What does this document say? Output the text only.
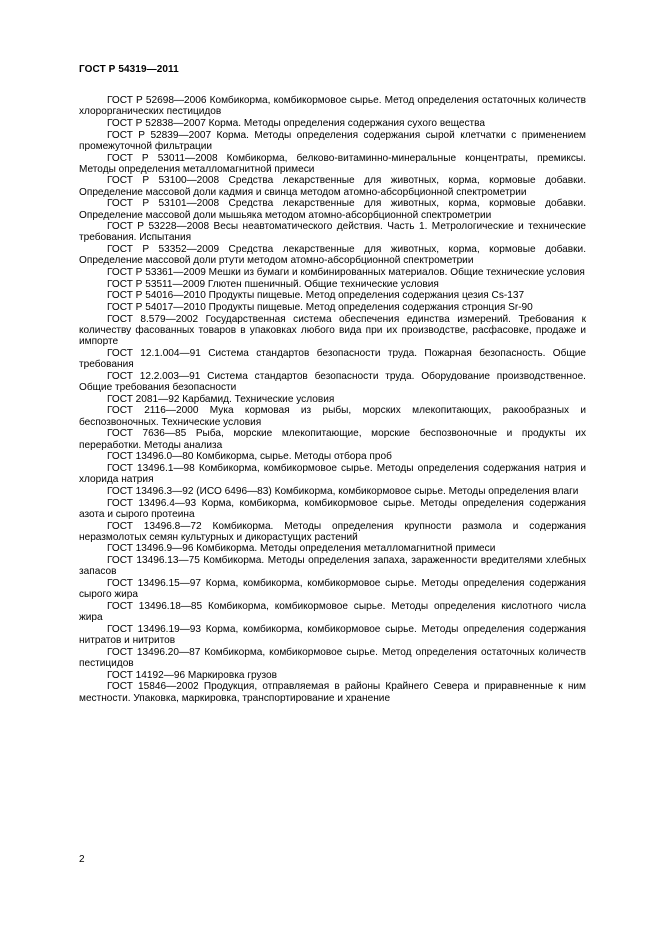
ГОСТ Р 54319—2011

ГОСТ Р 52698—2006 Комбикорма, комбикормовое сырье. Метод определения остаточных количеств хлорорганических пестицидов

ГОСТ Р 52838—2007 Корма. Методы определения содержания сухого вещества

ГОСТ Р 52839—2007 Корма. Методы определения содержания сырой клетчатки с применением промежуточной фильтрации

ГОСТ Р 53011—2008 Комбикорма, белково-витаминно-минеральные концентраты, премиксы. Методы определения металломагнитной примеси

ГОСТ Р 53100—2008 Средства лекарственные для животных, корма, кормовые добавки. Определение массовой доли кадмия и свинца методом атомно-абсорбционной спектрометрии

ГОСТ Р 53101—2008 Средства лекарственные для животных, корма, кормовые добавки. Определение массовой доли мышьяка методом атомно-абсорбционной спектрометрии

ГОСТ Р 53228—2008 Весы неавтоматического действия. Часть 1. Метрологические и технические требования. Испытания

ГОСТ Р 53352—2009 Средства лекарственные для животных, корма, кормовые добавки. Определение массовой доли ртути методом атомно-абсорбционной спектрометрии

ГОСТ Р 53361—2009 Мешки из бумаги и комбинированных материалов. Общие технические условия

ГОСТ Р 53511—2009 Глютен пшеничный. Общие технические условия

ГОСТ Р 54016—2010 Продукты пищевые. Метод определения содержания цезия Cs-137

ГОСТ Р 54017—2010 Продукты пищевые. Метод определения содержания стронция Sr-90

ГОСТ 8.579—2002 Государственная система обеспечения единства измерений. Требования к количеству фасованных товаров в упаковках любого вида при их производстве, расфасовке, продаже и импорте

ГОСТ 12.1.004—91 Система стандартов безопасности труда. Пожарная безопасность. Общие требования

ГОСТ 12.2.003—91 Система стандартов безопасности труда. Оборудование производственное. Общие требования безопасности

ГОСТ 2081—92 Карбамид. Технические условия

ГОСТ 2116—2000 Мука кормовая из рыбы, морских млекопитающих, ракообразных и беспозвоночных. Технические условия

ГОСТ 7636—85 Рыба, морские млекопитающие, морские беспозвоночные и продукты их переработки. Методы анализа

ГОСТ 13496.0—80 Комбикорма, сырье. Методы отбора проб

ГОСТ 13496.1—98 Комбикорма, комбикормовое сырье. Методы определения содержания натрия и хлорида натрия

ГОСТ 13496.3—92 (ИСО 6496—83) Комбикорма, комбикормовое сырье. Методы определения влаги

ГОСТ 13496.4—93 Корма, комбикорма, комбикормовое сырье. Методы определения содержания азота и сырого протеина

ГОСТ 13496.8—72 Комбикорма. Методы определения крупности размола и содержания неразмолотых семян культурных и дикорастущих растений

ГОСТ 13496.9—96 Комбикорма. Методы определения металломагнитной примеси

ГОСТ 13496.13—75 Комбикорма. Методы определения запаха, зараженности вредителями хлебных запасов

ГОСТ 13496.15—97 Корма, комбикорма, комбикормовое сырье. Методы определения содержания сырого жира

ГОСТ 13496.18—85 Комбикорма, комбикормовое сырье. Методы определения кислотного числа жира

ГОСТ 13496.19—93 Корма, комбикорма, комбикормовое сырье. Методы определения содержания нитратов и нитритов

ГОСТ 13496.20—87 Комбикорма, комбикормовое сырье. Метод определения остаточных количеств пестицидов

ГОСТ 14192—96 Маркировка грузов

ГОСТ 15846—2002 Продукция, отправляемая в районы Крайнего Севера и приравненные к ним местности. Упаковка, маркировка, транспортирование и хранение

2
